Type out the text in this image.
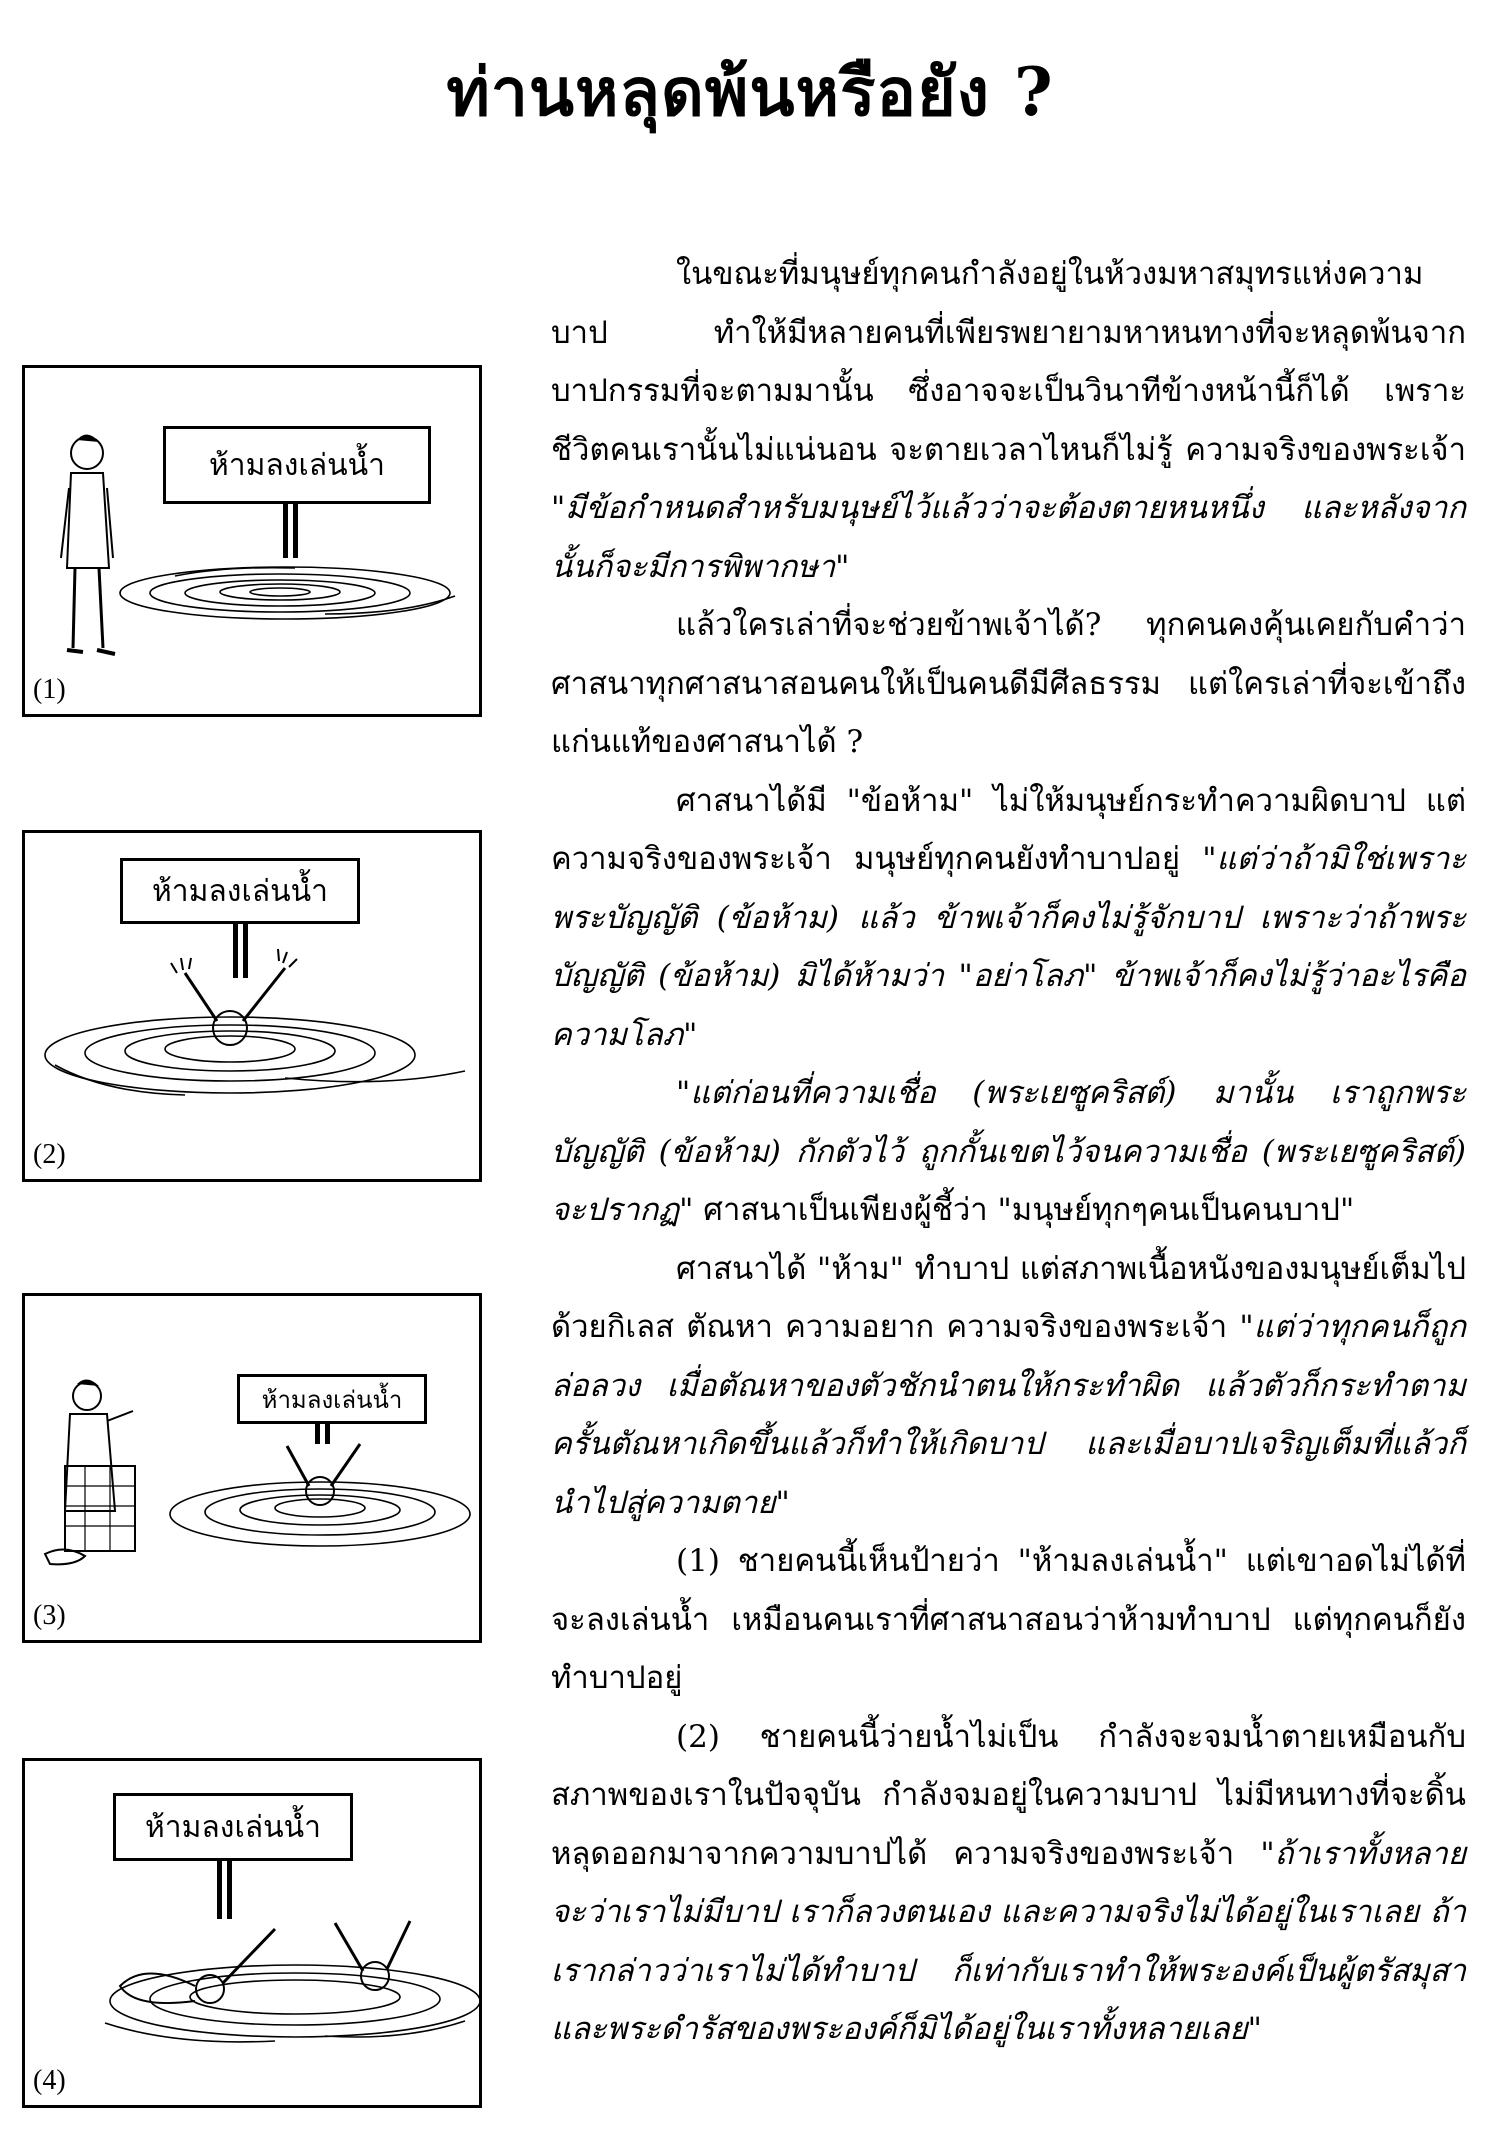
ท่านหลุดพ้นหรือยัง ?
ห้ามลงเล่นน้ำ
(1)
ห้ามลงเล่นน้ำ
(2)
ห้ามลงเล่นน้ำ
(3)
ห้ามลงเล่นน้ำ
(4)

ในขณะที่มนุษย์ทุกคนกำลังอยู่ในห้วงมหาสมุทรแห่งความบาป ทำให้มีหลายคนที่เพียรพยายามหาหนทางที่จะหลุดพ้นจากบาปกรรมที่จะตามมานั้น ซึ่งอาจจะเป็นวินาทีข้างหน้านี้ก็ได้ เพราะชีวิตคนเรานั้นไม่แน่นอน จะตายเวลาไหนก็ไม่รู้ ความจริงของพระเจ้า "มีข้อกำหนดสำหรับมนุษย์ไว้แล้วว่าจะต้องตายหนหนึ่ง และหลังจากนั้นก็จะมีการพิพากษา"

แล้วใครเล่าที่จะช่วยข้าพเจ้าได้? ทุกคนคงคุ้นเคยกับคำว่าศาสนาทุกศาสนาสอนคนให้เป็นคนดีมีศีลธรรม แต่ใครเล่าที่จะเข้าถึงแก่นแท้ของศาสนาได้ ?

ศาสนาได้มี "ข้อห้าม" ไม่ให้มนุษย์กระทำความผิดบาป แต่ความจริงของพระเจ้า มนุษย์ทุกคนยังทำบาปอยู่ "แต่ว่าถ้ามิใช่เพราะพระบัญญัติ (ข้อห้าม) แล้ว ข้าพเจ้าก็คงไม่รู้จักบาป เพราะว่าถ้าพระบัญญัติ (ข้อห้าม) มิได้ห้ามว่า "อย่าโลภ" ข้าพเจ้าก็คงไม่รู้ว่าอะไรคือความโลภ"

"แต่ก่อนที่ความเชื่อ (พระเยซูคริสต์) มานั้น เราถูกพระบัญญัติ (ข้อห้าม) กักตัวไว้ ถูกกั้นเขตไว้จนความเชื่อ (พระเยซูคริสต์) จะปรากฏ" ศาสนาเป็นเพียงผู้ชี้ว่า "มนุษย์ทุกๆคนเป็นคนบาป"

ศาสนาได้ "ห้าม" ทำบาป แต่สภาพเนื้อหนังของมนุษย์เต็มไปด้วยกิเลส ตัณหา ความอยาก ความจริงของพระเจ้า "แต่ว่าทุกคนก็ถูกล่อลวง เมื่อตัณหาของตัวชักนำตนให้กระทำผิด แล้วตัวก็กระทำตาม ครั้นตัณหาเกิดขึ้นแล้วก็ทำให้เกิดบาป และเมื่อบาปเจริญเต็มที่แล้วก็นำไปสู่ความตาย"

(1) ชายคนนี้เห็นป้ายว่า "ห้ามลงเล่นน้ำ" แต่เขาอดไม่ได้ที่จะลงเล่นน้ำ เหมือนคนเราที่ศาสนาสอนว่าห้ามทำบาป แต่ทุกคนก็ยังทำบาปอยู่

(2) ชายคนนี้ว่ายน้ำไม่เป็น กำลังจะจมน้ำตายเหมือนกับสภาพของเราในปัจจุบัน กำลังจมอยู่ในความบาป ไม่มีหนทางที่จะดิ้นหลุดออกมาจากความบาปได้ ความจริงของพระเจ้า "ถ้าเราทั้งหลายจะว่าเราไม่มีบาป เราก็ลวงตนเอง และความจริงไม่ได้อยู่ในเราเลย ถ้าเรากล่าวว่าเราไม่ได้ทำบาป ก็เท่ากับเราทำให้พระองค์เป็นผู้ตรัสมุสาและพระดำรัสของพระองค์ก็มิได้อยู่ในเราทั้งหลายเลย"
